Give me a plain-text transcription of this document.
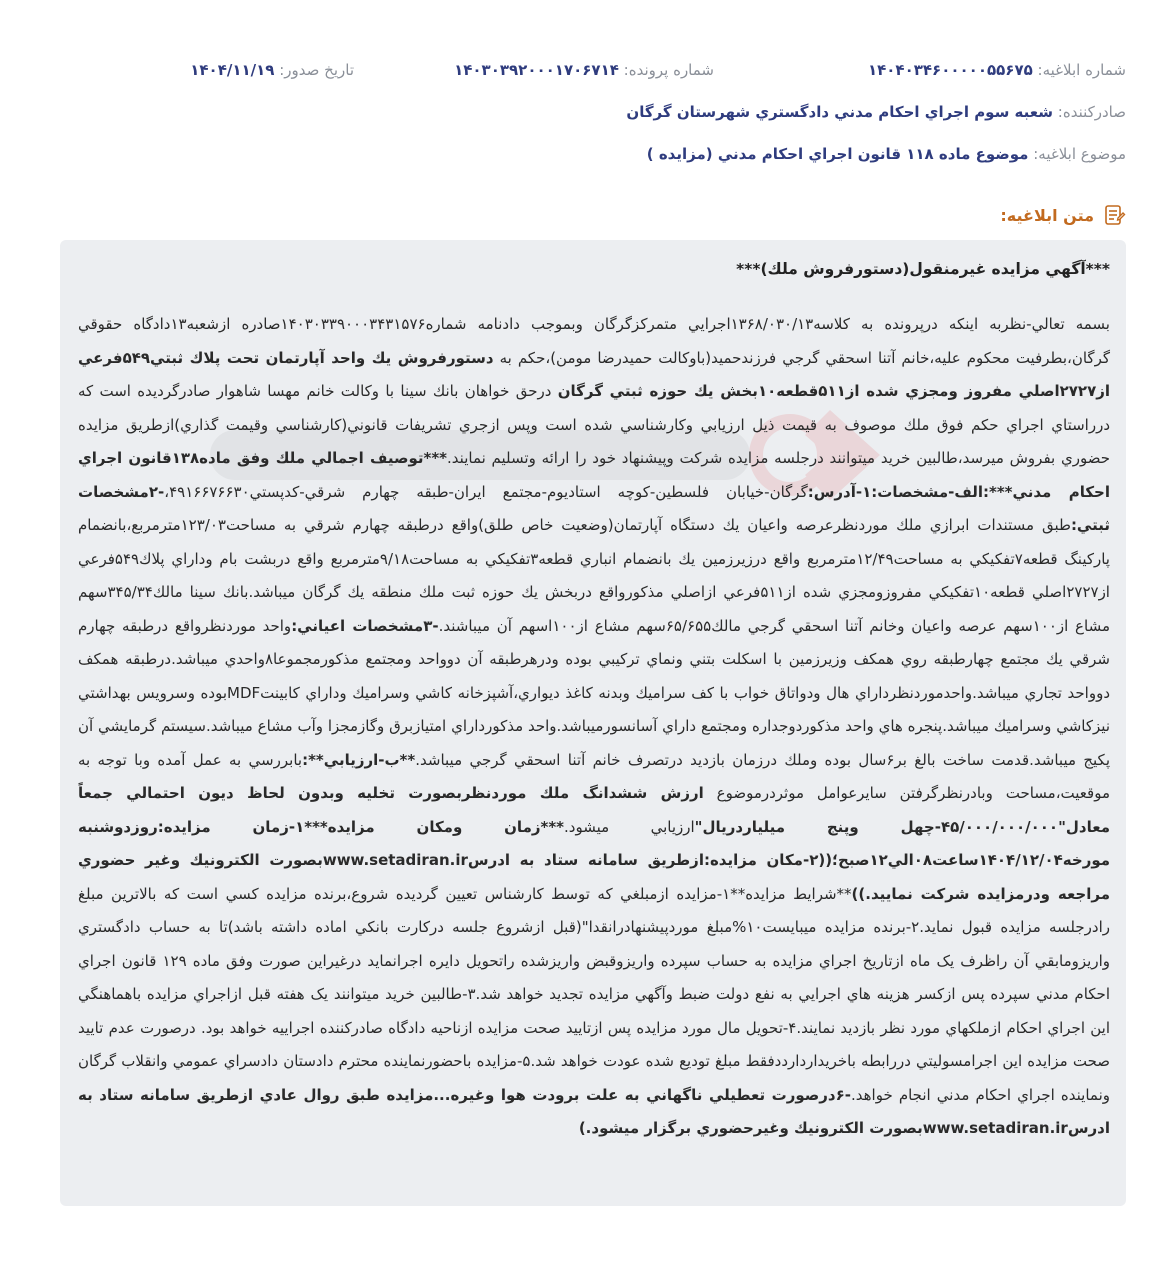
شماره ابلاغيه: ۱۴۰۴۰۳۴۶۰۰۰۰۰۵۵۶۷۵
شماره پرونده: ۱۴۰۳۰۳۹۲۰۰۰۱۷۰۶۷۱۴
تاريخ صدور: ۱۴۰۴/۱۱/۱۹
صادرکننده: شعبه سوم اجراي احكام مدني دادگستري شهرستان گرگان
موضوع ابلاغيه: موضوع ماده ۱۱۸ قانون اجراي احكام مدني (مزايده )
متن ابلاغيه:
***آگهي مزايده غيرمنقول(دستورفروش ملك)***
بسمه تعالي-نظربه اينكه درپرونده به كلاسه۱۳۶۸/۰۳۰/۱۳اجرايي متمركزگرگان وبموجب دادنامه شماره۱۴۰۳۰۳۳۹۰۰۰۳۴۳۱۵۷۶صادره ازشعبه۱۳دادگاه حقوقي گرگان،بطرفيت محكوم عليه،خانم آتنا اسحقي گرجي فرزندحميد(باوكالت حميدرضا مومن)،حكم به دستورفروش يك واحد آپارتمان تحت پلاك ثبتي۵۴۹فرعي از۲۷۲۷اصلي مفروز ومجزي شده از۵۱۱قطعه۱۰بخش يك حوزه ثبتي گرگان درحق خواهان بانك سينا با وكالت خانم مهسا شاهوار صادرگرديده است كه درراستاي اجراي حكم فوق ملك موصوف به قيمت ذيل ارزيابي وكارشناسي شده است وپس ازجري تشريفات قانوني(كارشناسي وقيمت گذاري)ازطريق مزايده حضوري بفروش ميرسد،طالبين خريد ميتوانند درجلسه مزايده شركت وپيشنهاد خود را ارائه وتسليم نمايند.***توصيف اجمالي ملك وفق ماده۱۳۸قانون اجراي احكام مدني***:الف-مشخصات:۱-آدرس:گرگان-خيابان فلسطين-كوچه استاديوم-مجتمع ايران-طبقه چهارم شرقي-كدپستي۴۹۱۶۶۷۶۶۳۰،-۲مشخصات ثبتي:طبق مستندات ابرازي ملك موردنظرعرصه واعيان يك دستگاه آپارتمان(وضعيت خاص طلق)واقع درطبقه چهارم شرقي به مساحت۱۲۳/۰۳مترمربع،بانضمام پاركينگ قطعه۷تفكيكي به مساحت۱۲/۴۹مترمربع واقع درزيرزمين يك بانضمام انباري قطعه۳تفكيكي به مساحت۹/۱۸مترمربع واقع دربشت بام وداراي پلاك۵۴۹فرعي از۲۷۲۷اصلي قطعه۱۰تفكيكي مفروزومجزي شده از۵۱۱فرعي ازاصلي مذكورواقع دربخش يك حوزه ثبت ملك منطقه يك گرگان ميباشد.بانك سينا مالك۳۴۵/۳۴سهم مشاع از۱۰۰سهم عرصه واعيان وخانم آتنا اسحقي گرجي مالك۶۵/۶۵۵سهم مشاع از۱۰۰اسهم آن ميباشند.-۳مشخصات اعياني:واحد موردنظرواقع درطبقه چهارم شرقي يك مجتمع چهارطبقه روي همكف وزيرزمين با اسكلت بتني ونماي تركيبي بوده ودرهرطبقه آن دوواحد ومجتمع مذكورمجموعا۸واحدي ميباشد.درطبقه همكف دوواحد تجاري ميباشد.واحدموردنظرداراي هال ودواتاق خواب با كف سراميك وبدنه كاغذ ديواري،آشپزخانه كاشي وسراميك وداراي كابينتMDFبوده وسرويس بهداشتي نيزكاشي وسراميك ميباشد.پنجره هاي واحد مذكوردوجداره ومجتمع داراي آسانسورميباشد.واحد مذكورداراي امتيازبرق وگازمجزا وآب مشاع ميباشد.سيستم گرمايشي آن پكيج ميباشد.قدمت ساخت بالغ بر۶سال بوده وملك درزمان بازديد درتصرف خانم آتنا اسحقي گرجي ميباشد.**ب-ارزيابي**:بابررسي به عمل آمده وبا توجه به موقعيت،مساحت وبادرنظرگرفتن سايرعوامل موثردرموضوع ارزش ششدانگ ملك موردنظربصورت تخليه وبدون لحاظ ديون احتمالي جمعاً معادل"۴۵/۰۰۰/۰۰۰/۰۰۰-چهل وپنج ميلياردريال"ارزيابي ميشود.***زمان ومكان مزايده***۱-زمان مزايده:روزدوشنبه مورخه۱۴۰۴/۱۲/۰۴ساعت۰۸الي۱۲صبح؛((۲-مكان مزايده:ازطريق سامانه ستاد به ادرسwww.setadiran.irبصورت الكترونيك وغير حضوري مراجعه ودرمزايده شركت نماييد.))**شرايط مزايده**۱-مزايده ازمبلغي كه توسط كارشناس تعيين گرديده شروع،برنده مزايده كسي است كه بالاترين مبلغ رادرجلسه مزايده قبول نمايد.۲-برنده مزايده ميبايست۱۰%مبلغ موردپيشنهادرانقدا"(قبل ازشروع جلسه دركارت بانكي اماده داشته باشد)تا به حساب دادگستري واريزومابقي آن راظرف يک ماه ازتاريخ اجراي مزايده به حساب سپرده واريزوقبض واريزشده راتحويل دايره اجرانمايد درغيراين صورت وفق ماده ۱۲۹ قانون اجراي احكام مدني سپرده پس ازكسر هزينه هاي اجرايي به نفع دولت ضبط وآگهي مزايده تجديد خواهد شد.۳-طالبين خريد ميتوانند يک هفته قبل ازاجراي مزايده باهماهنگي اين اجراي احکام ازملکهاي مورد نظر بازديد نمايند.۴-تحويل مال مورد مزايده پس ازتاييد صحت مزايده ازناحيه دادگاه صادرکننده اجراييه خواهد بود. درصورت عدم تاييد صحت مزايده اين اجرامسوليتي دررابطه باخريداردارددفقط مبلغ توديع شده عودت خواهد شد.۵-مزايده باحضورنماينده محترم دادستان دادسراي عمومي وانقلاب گرگان ونماينده اجراي احكام مدني انجام خواهد.-۶درصورت تعطيلي ناگهاني به علت برودت هوا وغيره...مزايده طبق روال عادي ازطريق سامانه ستاد به ادرسwww.setadiran.irبصورت الكترونيك وغيرحضوري برگزار ميشود.)
